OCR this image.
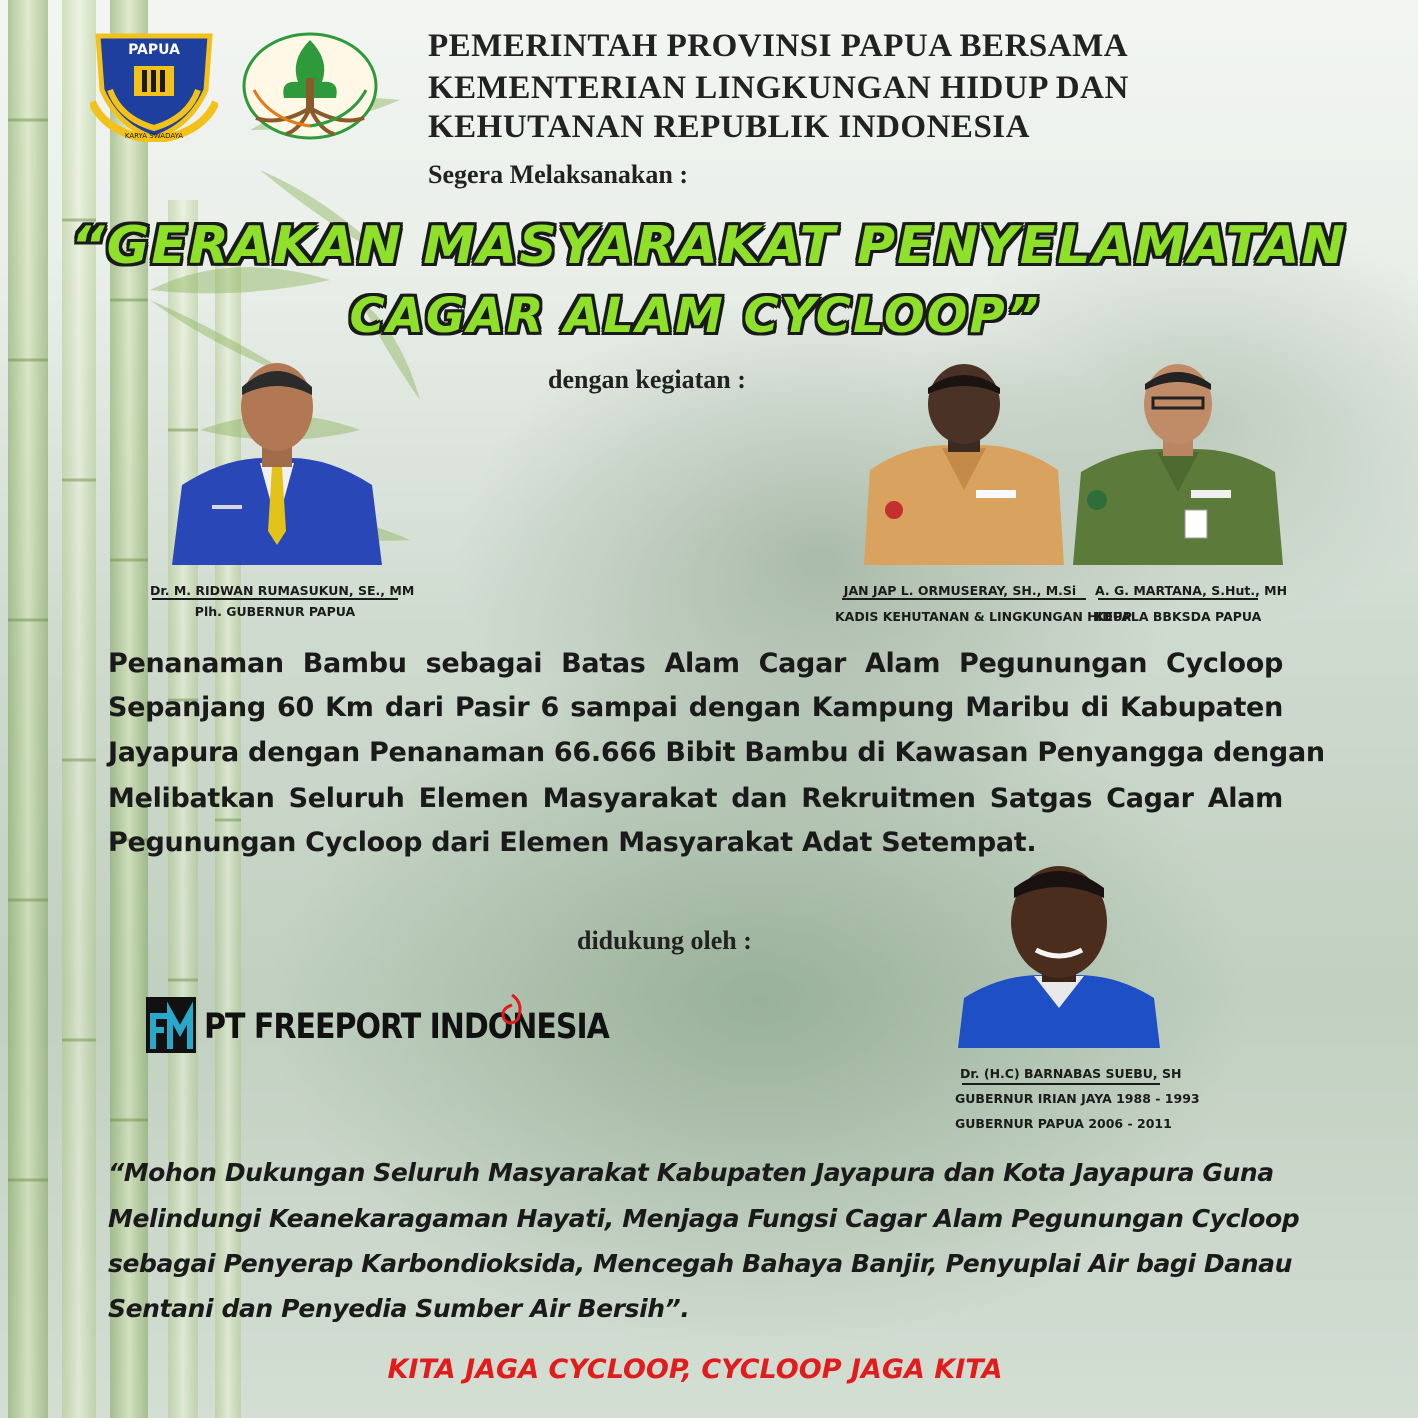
PAPUA
KARYA SWADAYA
PEMERINTAH PROVINSI PAPUA BERSAMA
KEMENTERIAN LINGKUNGAN HIDUP DAN
KEHUTANAN REPUBLIK INDONESIA
Segera Melaksanakan :
“GERAKAN MASYARAKAT PENYELAMATAN
CAGAR ALAM CYCLOOP”
dengan kegiatan :
Dr. M. RIDWAN RUMASUKUN, SE., MM
Plh. GUBERNUR PAPUA
JAN JAP L. ORMUSERAY, SH., M.Si
KADIS KEHUTANAN & LINGKUNGAN HIDUP
A. G. MARTANA, S.Hut., MH
KEPALA BBKSDA PAPUA
Penanaman Bambu sebagai Batas Alam Cagar Alam Pegunungan Cycloop
Sepanjang 60 Km dari Pasir 6 sampai dengan Kampung Maribu di Kabupaten
Jayapura dengan Penanaman 66.666 Bibit Bambu di Kawasan Penyangga dengan
Melibatkan Seluruh Elemen Masyarakat dan Rekruitmen Satgas Cagar Alam
Pegunungan Cycloop dari Elemen Masyarakat Adat Setempat.
didukung oleh :
PT FREEPORT INDONESIA
Dr. (H.C) BARNABAS SUEBU, SH
GUBERNUR IRIAN JAYA 1988 - 1993
GUBERNUR PAPUA 2006 - 2011
“Mohon Dukungan Seluruh Masyarakat Kabupaten Jayapura dan Kota Jayapura Guna
Melindungi Keanekaragaman Hayati, Menjaga Fungsi Cagar Alam Pegunungan Cycloop
sebagai Penyerap Karbondioksida, Mencegah Bahaya Banjir, Penyuplai Air bagi Danau
Sentani dan Penyedia Sumber Air Bersih”.
KITA JAGA CYCLOOP, CYCLOOP JAGA KITA
